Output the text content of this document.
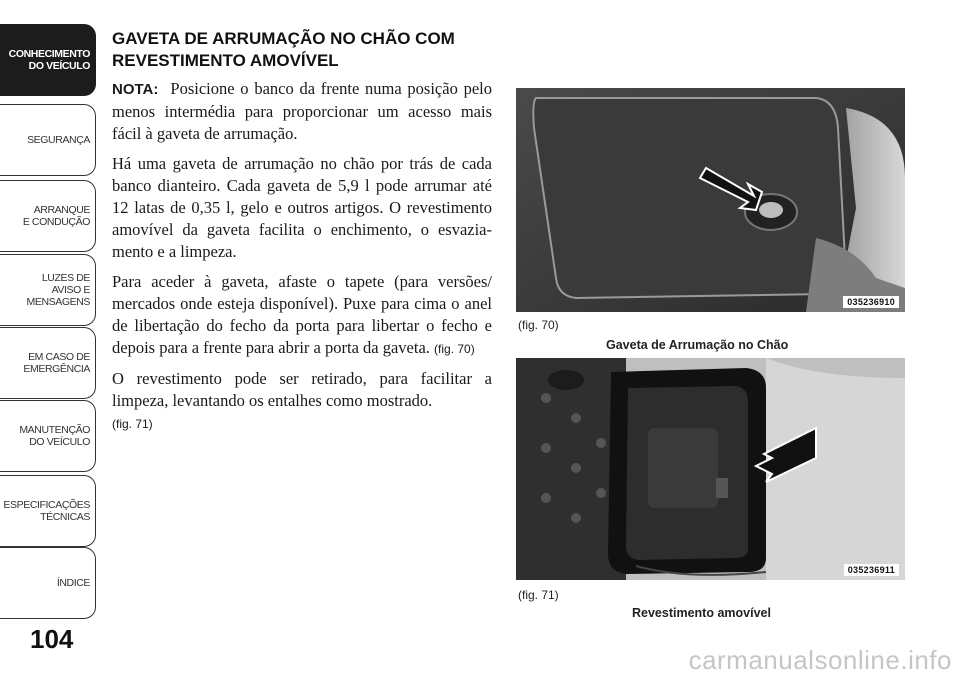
CONHECIMENTO
DO VEÍCULO
SEGURANÇA
ARRANQUE
E CONDUÇÃO
LUZES DE
AVISO E
MENSAGENS
EM CASO DE
EMERGÊNCIA
MANUTENÇÃO
DO VEÍCULO
ESPECIFICAÇÕES
TÉCNICAS
ÍNDICE
104
GAVETA DE ARRUMAÇÃO NO CHÃO COM REVESTIMENTO AMOVÍVEL

NOTA: Posicione o banco da frente numa posição pelo menos intermédia para proporcionar um acesso mais fácil à gaveta de arrumação.

Há uma gaveta de arrumação no chão por trás de cada banco dianteiro. Cada gaveta de 5,9 l pode arrumar até 12 latas de 0,35 l, gelo e outros artigos. O revestimento amovível da gaveta facilita o enchimento, o esvazia-mento e a limpeza.

Para aceder à gaveta, afaste o tapete (para versões/ mercados onde esteja disponível). Puxe para cima o anel de libertação do fecho da porta para libertar o fecho e depois para a frente para abrir a porta da gaveta. (fig. 70)

O revestimento pode ser retirado, para facilitar a limpeza, levantando os entalhes como mostrado.
(fig. 71)

035236910
(fig. 70)
Gaveta de Arrumação no Chão
035236911
(fig. 71)
Revestimento amovível
carmanualsonline.info
